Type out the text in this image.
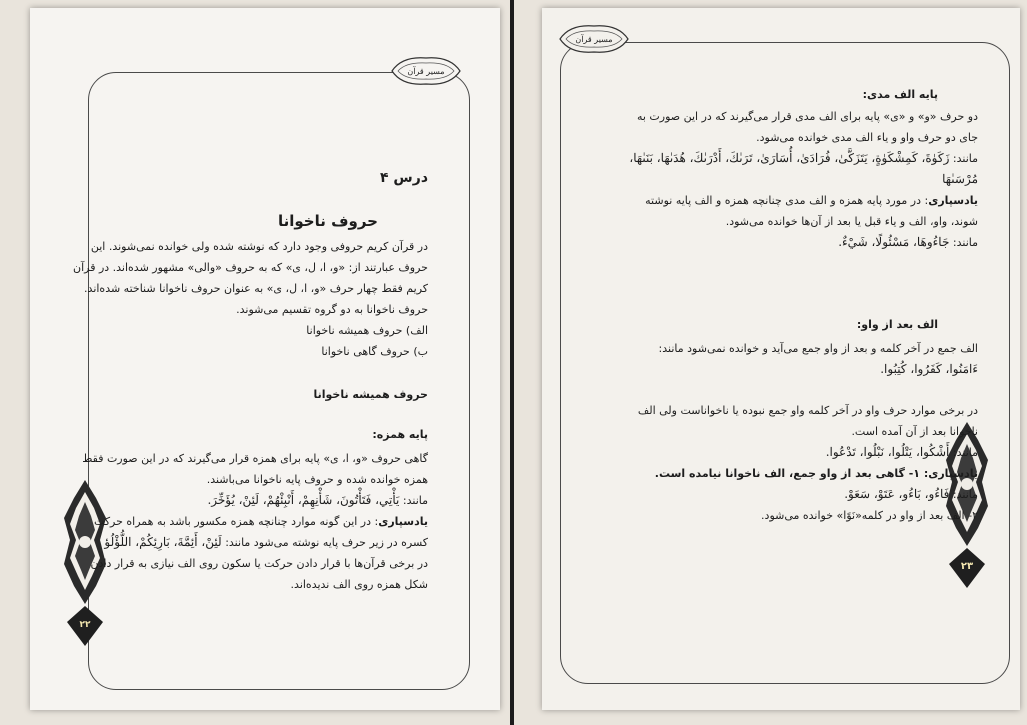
مسیر قرآن
۲۲
درس ۴
حروف ناخوانا
در قرآن کریم حروفی وجود دارد که نوشته شده ولی خوانده نمی‌شوند. این
حروف عبارتند از: «و، ا، ل، ی» که به حروف «والی» مشهور شده‌اند. در قرآن
کریم فقط چهار حرف «و، ا، ل، ی» به عنوان حروف ناخوانا شناخته شده‌اند.
حروف ناخوانا به دو گروه تقسیم می‌شوند.
الف) حروف همیشه ناخوانا
ب) حروف گاهی ناخوانا
حروف همیشه ناخوانا
پایه همزه:
گاهی حروف «و، ا، ی» پایه برای همزه قرار می‌گیرند که در این صورت فقط
همزه خوانده شده و حروف پایه ناخوانا می‌باشند.
مانند: یَأْتِي، فَتَأْتُونَ، شَأْنِهِمْ، أَنْبِئْهُمْ، لَئِنْ، يُؤَخِّرَ.
یادسپاری: در این گونه موارد چنانچه همزه مکسور باشد به همراه حرکت
کسره در زیر حرف پایه نوشته می‌شود مانند: لَئِنْ، أَئِمَّةَ، بَارِئِكُمْ، اللُّؤْلُؤ
در برخی قرآن‌ها با قرار دادن حرکت یا سکون روی الف نیازی به قرار دادن
شکل همزه روی الف ندیده‌اند.
مسیر قرآن
۲۳
پایه الف مدی:
دو حرف «و» و «ی» پایه برای الف مدی قرار می‌گیرند که در این صورت به
جای دو حرف واو و یاء الف مدی خوانده می‌شود.
مانند: زَكَوٰةَ، كَمِشْكَوٰةٍ، يَتَزَكَّىٰ، فُرَادَىٰ، أُسَارَىٰ، تَرَىٰكَ، أَدْرَىٰكَ، هُدَىٰهَا، بَنَىٰهَا،
مُرْسَىٰهَا
یادسپاری: در مورد پایه همزه و الف مدی چنانچه همزه و الف پایه نوشته
شوند، واو، الف و یاء قبل یا بعد از آن‌ها خوانده می‌شود.
مانند: جَاءُوهَا، مَسْئُولًا، شَيْءٌ.
الف بعد از واو:
الف جمع در آخر کلمه و بعد از واو جمع می‌آید و خوانده نمی‌شود مانند:
ءَامَنُوا، كَفَرُوا، كُتِبُوا.
در برخی موارد حرف واو در آخر کلمه واو جمع نبوده یا ناخواناست ولی الف
ناخوانا بعد از آن آمده است.
مانند: أَشْكُوا، يَتْلُوا، نَبْلُوا، تَدْعُوا.
یادسپاری: ۱- گاهی بعد از واو جمع، الف ناخوانا نیامده است.
مانند: فَاءُو، بَاءُو، عَتَوْ، سَعَوْ.
۲- الف بعد از واو در کلمه«نَوًا» خوانده می‌شود.
